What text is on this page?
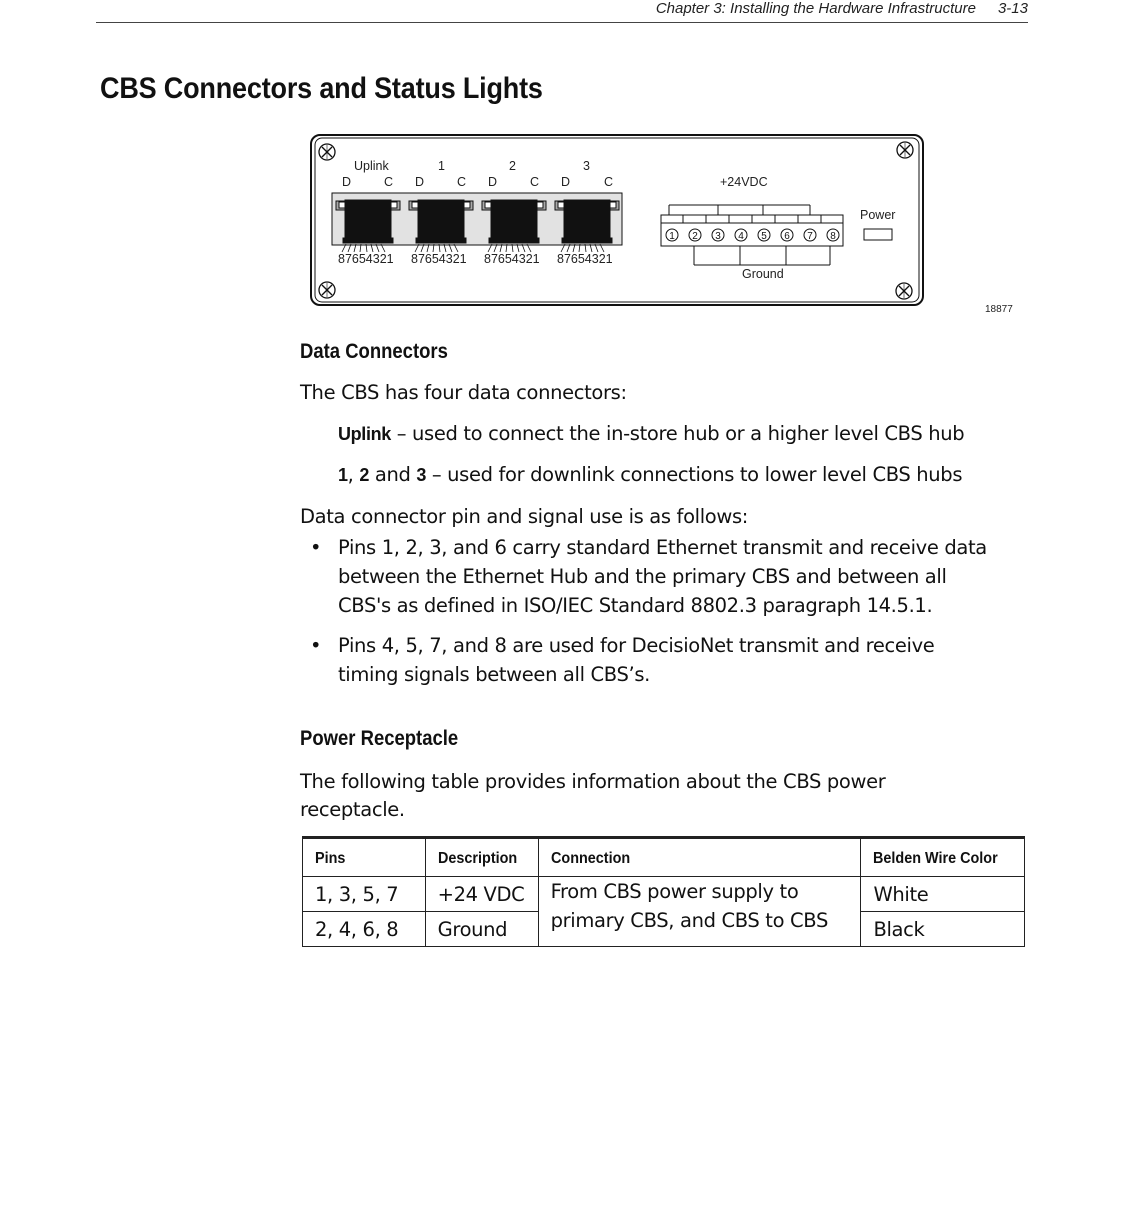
Chapter 3: Installing the Hardware Infrastructure 3-13
CBS Connectors and Status Lights
Uplink	1	2	3
D	C D	C D	C D	C
87654321 87654321 87654321 87654321
+24VDC
Ground
Power
1 2 3 4 5 6 7 8
18877
Data Connectors
The CBS has four data connectors:
Uplink – used to connect the in-store hub or a higher level CBS hub
1, 2 and 3 – used for downlink connections to lower level CBS hubs
Data connector pin and signal use is as follows:
• Pins 1, 2, 3, and 6 carry standard Ethernet transmit and receive data
between the Ethernet Hub and the primary CBS and between all
CBS's as defined in ISO/IEC Standard 8802.3 paragraph 14.5.1.
• Pins 4, 5, 7, and 8 are used for DecisioNet transmit and receive
timing signals between all CBS’s.
Power Receptacle
The following table provides information about the CBS power
receptacle.
Pins	Description	Connection	Belden Wire Color
1, 3, 5, 7	+24 VDC	From CBS power supply to primary CBS, and CBS to CBS	White
2, 4, 6, 8	Ground		Black
